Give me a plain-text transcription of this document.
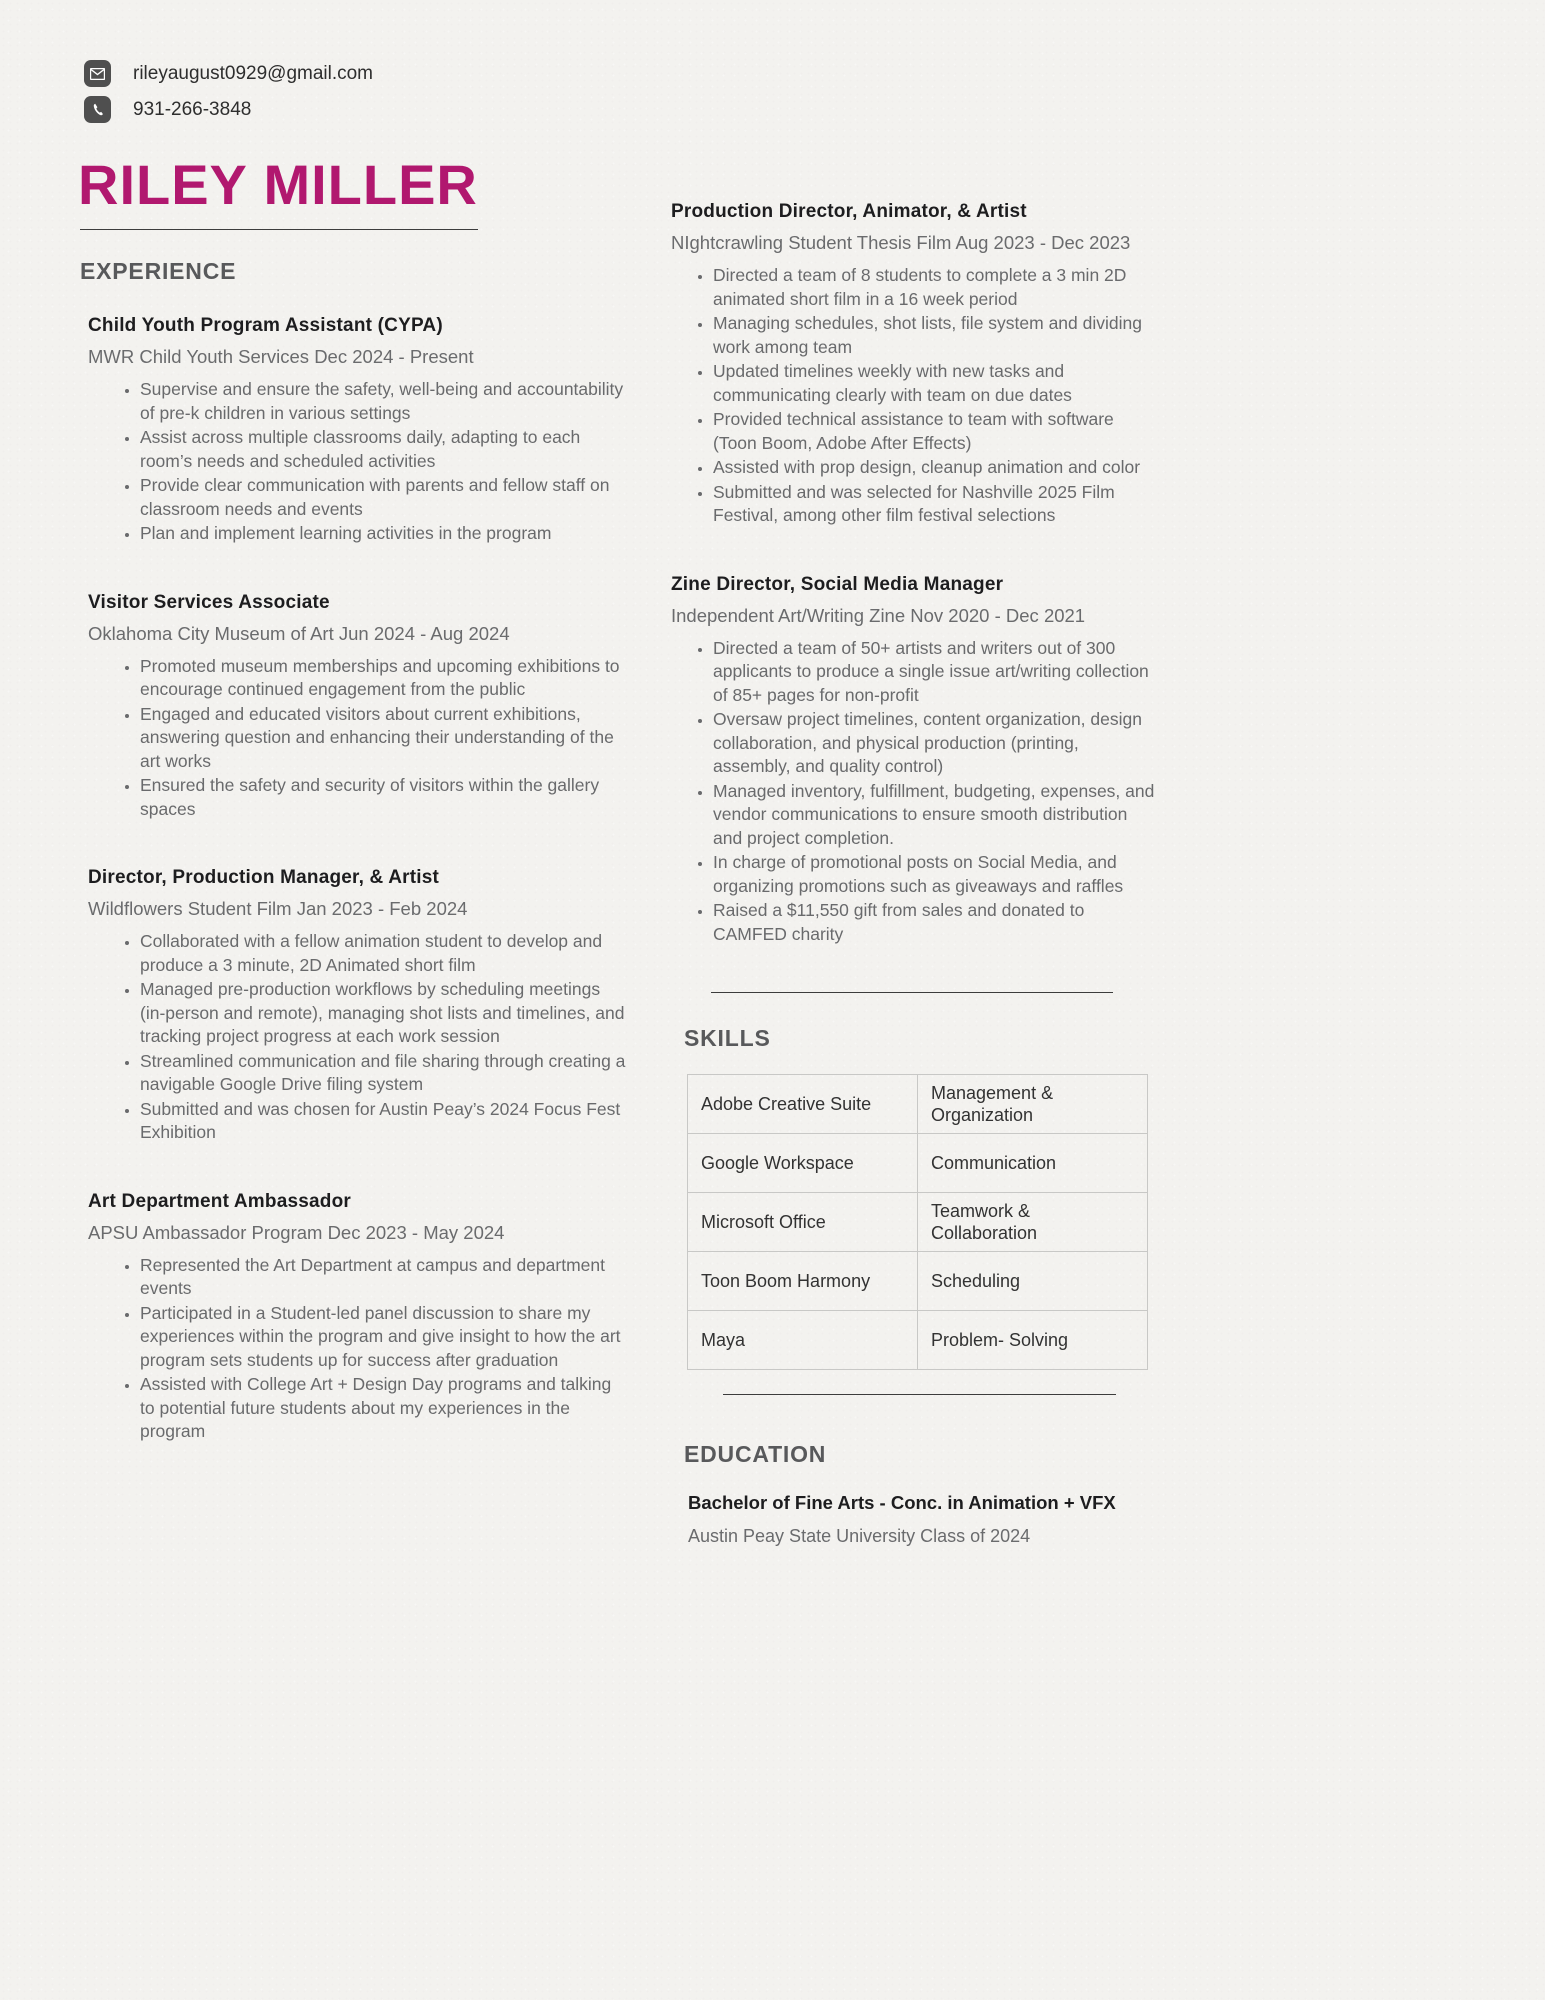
rileyaugust0929@gmail.com
931-266-3848
RILEY MILLER
EXPERIENCE
Child Youth Program Assistant (CYPA)

MWR Child Youth Services Dec 2024 - Present

• Supervise and ensure the safety, well-being and accountability of pre-k children in various settings
• Assist across multiple classrooms daily, adapting to each room’s needs and scheduled activities
• Provide clear communication with parents and fellow staff on classroom needs and events
• Plan and implement learning activities in the program
Visitor Services Associate

Oklahoma City Museum of Art Jun 2024 - Aug 2024

• Promoted museum memberships and upcoming exhibitions to encourage continued engagement from the public
• Engaged and educated visitors about current exhibitions, answering question and enhancing their understanding of the art works
• Ensured the safety and security of visitors within the gallery spaces
Director, Production Manager, & Artist

Wildflowers Student Film Jan 2023 - Feb 2024

• Collaborated with a fellow animation student to develop and produce a 3 minute, 2D Animated short film
• Managed pre-production workflows by scheduling meetings (in-person and remote), managing shot lists and timelines, and tracking project progress at each work session
• Streamlined communication and file sharing through creating a navigable Google Drive filing system
• Submitted and was chosen for Austin Peay’s 2024 Focus Fest Exhibition
Art Department Ambassador

APSU Ambassador Program Dec 2023 - May 2024

• Represented the Art Department at campus and department events
• Participated in a Student-led panel discussion to share my experiences within the program and give insight to how the art program sets students up for success after graduation
• Assisted with College Art + Design Day programs and talking to potential future students about my experiences in the program
Production Director, Animator, & Artist

NIghtcrawling Student Thesis Film Aug 2023 - Dec 2023

• Directed a team of 8 students to complete a 3 min 2D animated short film in a 16 week period
• Managing schedules, shot lists, file system and dividing work among team
• Updated timelines weekly with new tasks and communicating clearly with team on due dates
• Provided technical assistance to team with software (Toon Boom, Adobe After Effects)
• Assisted with prop design, cleanup animation and color
• Submitted and was selected for Nashville 2025 Film Festival, among other film festival selections
Zine Director, Social Media Manager

Independent Art/Writing Zine Nov 2020 - Dec 2021

• Directed a team of 50+ artists and writers out of 300 applicants to produce a single issue art/writing collection of 85+ pages for non-profit
• Oversaw project timelines, content organization, design collaboration, and physical production (printing, assembly, and quality control)
• Managed inventory, fulfillment, budgeting, expenses, and vendor communications to ensure smooth distribution and project completion.
• In charge of promotional posts on Social Media, and organizing promotions such as giveaways and raffles
• Raised a $11,550 gift from sales and donated to CAMFED charity
SKILLS
Adobe Creative Suite	Management & Organization
Google Workspace	Communication
Microsoft Office	Teamwork & Collaboration
Toon Boom Harmony	Scheduling
Maya	Problem- Solving
EDUCATION

Bachelor of Fine Arts - Conc. in Animation + VFX

Austin Peay State University Class of 2024
